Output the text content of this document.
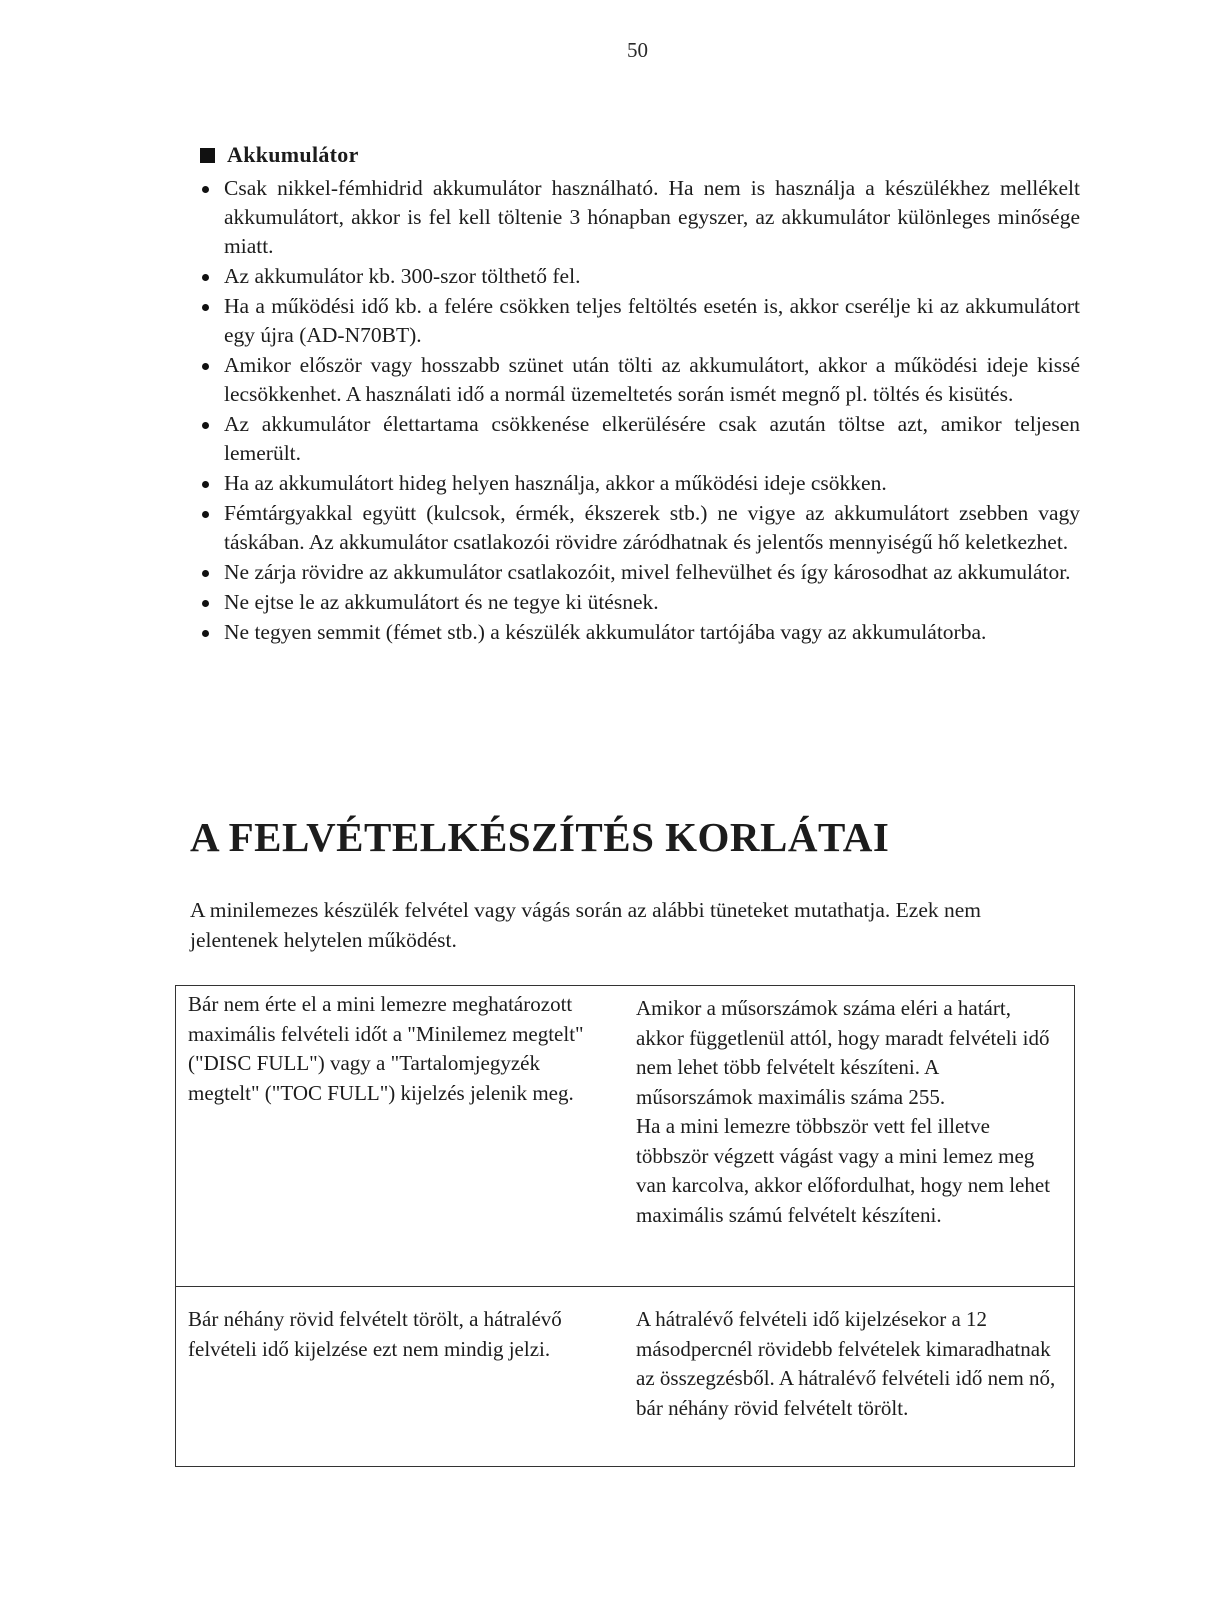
50
Akkumulátor
Csak nikkel-fémhidrid akkumulátor használható. Ha nem is használja a készülékhez mellékelt akkumulátort, akkor is fel kell töltenie 3 hónapban egyszer, az akkumulátor különleges minősége miatt.
Az akkumulátor kb. 300-szor tölthető fel.
Ha a működési idő kb. a felére csökken teljes feltöltés esetén is, akkor cserélje ki az akkumulátort egy újra (AD-N70BT).
Amikor először vagy hosszabb szünet után tölti az akkumulátort, akkor a működési ideje kissé lecsökkenhet. A használati idő a normál üzemeltetés során ismét megnő pl. töltés és kisütés.
Az akkumulátor élettartama csökkenése elkerülésére csak azután töltse azt, amikor teljesen lemerült.
Ha az akkumulátort hideg helyen használja, akkor a működési ideje csökken.
Fémtárgyakkal együtt (kulcsok, érmék, ékszerek stb.) ne vigye az akkumulátort zsebben vagy táskában. Az akkumulátor csatlakozói rövidre záródhatnak és jelentős mennyiségű hő keletkezhet.
Ne zárja rövidre az akkumulátor csatlakozóit, mivel felhevülhet és így károsodhat az akkumulátor.
Ne ejtse le az akkumulátort és ne tegye ki ütésnek.
Ne tegyen semmit (fémet stb.) a készülék akkumulátor tartójába vagy az akkumulátorba.
A FELVÉTELKÉSZÍTÉS KORLÁTAI

A minilemezes készülék felvétel vagy vágás során az alábbi tüneteket mutathatja. Ezek nem jelentenek helytelen működést.

Bár nem érte el a mini lemezre meghatározott maximális felvételi időt a "Minilemez megtelt" ("DISC FULL") vagy a "Tartalomjegyzék megtelt" ("TOC FULL") kijelzés jelenik meg.

Amikor a műsorszámok száma eléri a határt, akkor függetlenül attól, hogy maradt felvételi idő nem lehet több felvételt készíteni. A műsorszámok maximális száma 255.

Ha a mini lemezre többször vett fel illetve többször végzett vágást vagy a mini lemez meg van karcolva, akkor előfordulhat, hogy nem lehet maximális számú felvételt készíteni.

Bár néhány rövid felvételt törölt, a hátralévő felvételi idő kijelzése ezt nem mindig jelzi.

A hátralévő felvételi idő kijelzésekor a 12 másodpercnél rövidebb felvételek kimaradhatnak az összegzésből. A hátralévő felvételi idő nem nő, bár néhány rövid felvételt törölt.
